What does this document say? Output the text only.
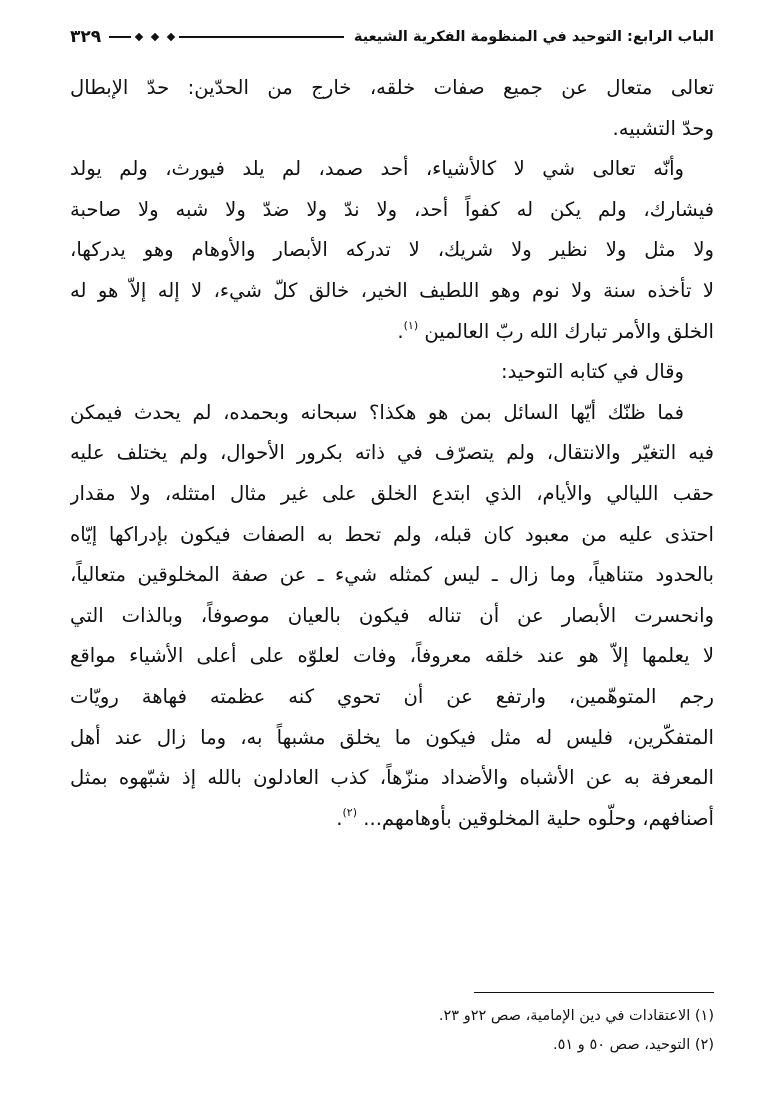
٣٢٩	الباب الرابع: التوحيد في المنظومة الفكرية الشيعية
تعالى متعال عن جميع صفات خلقه، خارج من الحدّين: حدّ الإبطال
وحدّ التشبيه.
وأنّه تعالى شي لا كالأشياء، أحد صمد، لم يلد فيورث، ولم يولد
فيشارك، ولم يكن له كفواً أحد، ولا ندّ ولا ضدّ ولا شبه ولا صاحبة
ولا مثل ولا نظير ولا شريك، لا تدركه الأبصار والأوهام وهو يدركها،
لا تأخذه سنة ولا نوم وهو اللطيف الخير، خالق كلّ شيء، لا إله إلاّ هو له
الخلق والأمر تبارك الله ربّ العالمين $^{(١)}$.
وقال في كتابه التوحيد:
فما ظنّك أيّها السائل بمن هو هكذا؟ سبحانه وبحمده، لم يحدث فيمكن
فيه التغيّر والانتقال، ولم يتصرّف في ذاته بكرور الأحوال، ولم يختلف عليه
حقب الليالي والأيام، الذي ابتدع الخلق على غير مثال امتثله، ولا مقدار
احتذى عليه من معبود كان قبله، ولم تحط به الصفات فيكون بإدراكها إيّاه
بالحدود متناهياً، وما زال ـ ليس كمثله شيء ـ عن صفة المخلوقين متعالياً،
وانحسرت الأبصار عن أن تناله فيكون بالعيان موصوفاً، وبالذات التي
لا يعلمها إلاّ هو عند خلقه معروفاً، وفات لعلوّه على أعلى الأشياء مواقع
رجم المتوهّمين، وارتفع عن أن تحوي كنه عظمته فهاهة رويّات
المتفكّرين، فليس له مثل فيكون ما يخلق مشبهاً به، وما زال عند أهل
المعرفة به عن الأشباه والأضداد منزّهاً، كذب العادلون بالله إذ شبّهوه بمثل
أصنافهم، وحلّوه حلية المخلوقين بأوهامهم... $^{(٢)}$.
(١) الاعتقادات في دين الإمامية، صص ٢٢و ٢٣.
(٢) التوحيد، صص ٥٠ و ٥١.
